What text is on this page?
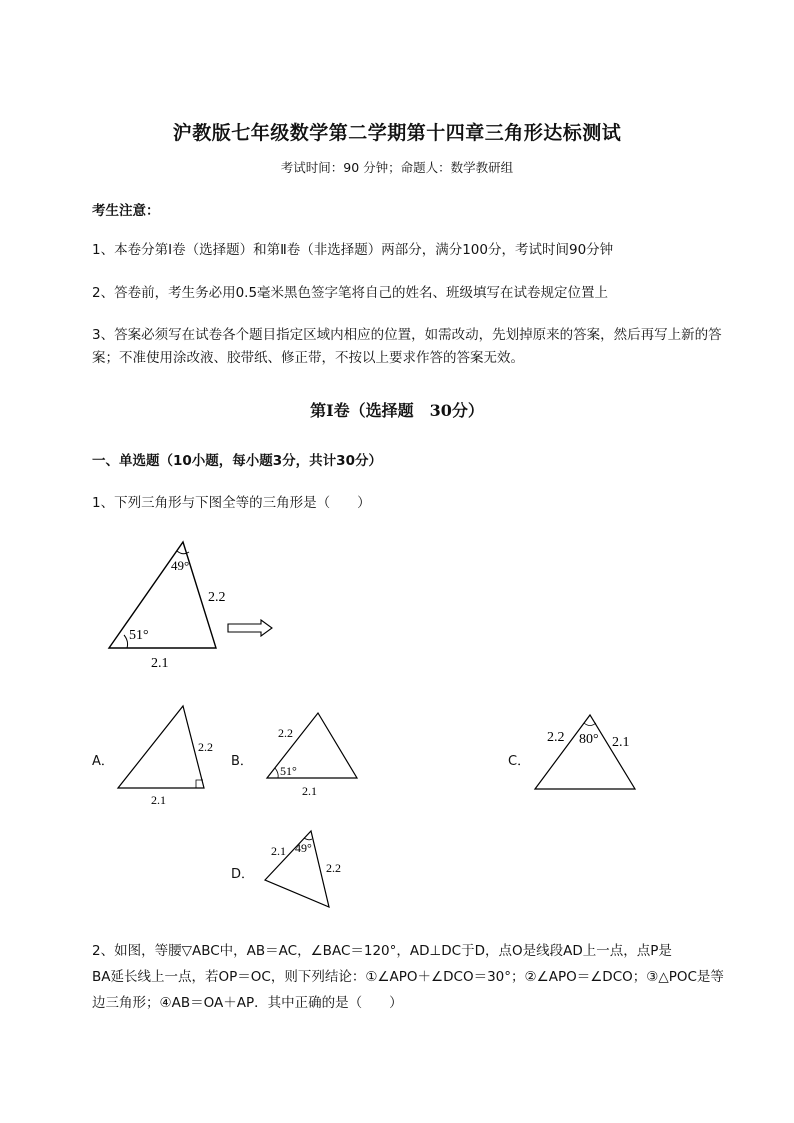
沪教版七年级数学第二学期第十四章三角形达标测试
考试时间：90 分钟；命题人：数学教研组
考生注意：
1、本卷分第Ⅰ卷（选择题）和第Ⅱ卷（非选择题）两部分，满分100分，考试时间90分钟
2、答卷前，考生务必用0.5毫米黑色签字笔将自己的姓名、班级填写在试卷规定位置上
3、答案必须写在试卷各个题目指定区域内相应的位置，如需改动，先划掉原来的答案，然后再写上新的答案；不准使用涂改液、胶带纸、修正带，不按以上要求作答的答案无效。
第Ⅰ卷（选择题　30分）
一、单选题（10小题，每小题3分，共计30分）
1、下列三角形与下图全等的三角形是（　　）
49°
51°
2.2
2.1
A．
2.2
2.1
B．
2.2
51°
2.1
C．
2.2 80° 2.1
D．
2.1 49°
2.2
2、如图，等腰▽ABC中，AB＝AC，∠BAC＝120°，AD⊥DC于D，点O是线段AD上一点，点P是
BA延长线上一点，若OP＝OC，则下列结论：①∠APO＋∠DCO＝30°；②∠APO＝∠DCO；③△POC是等
边三角形；④AB＝OA＋AP．其中正确的是（　　）
